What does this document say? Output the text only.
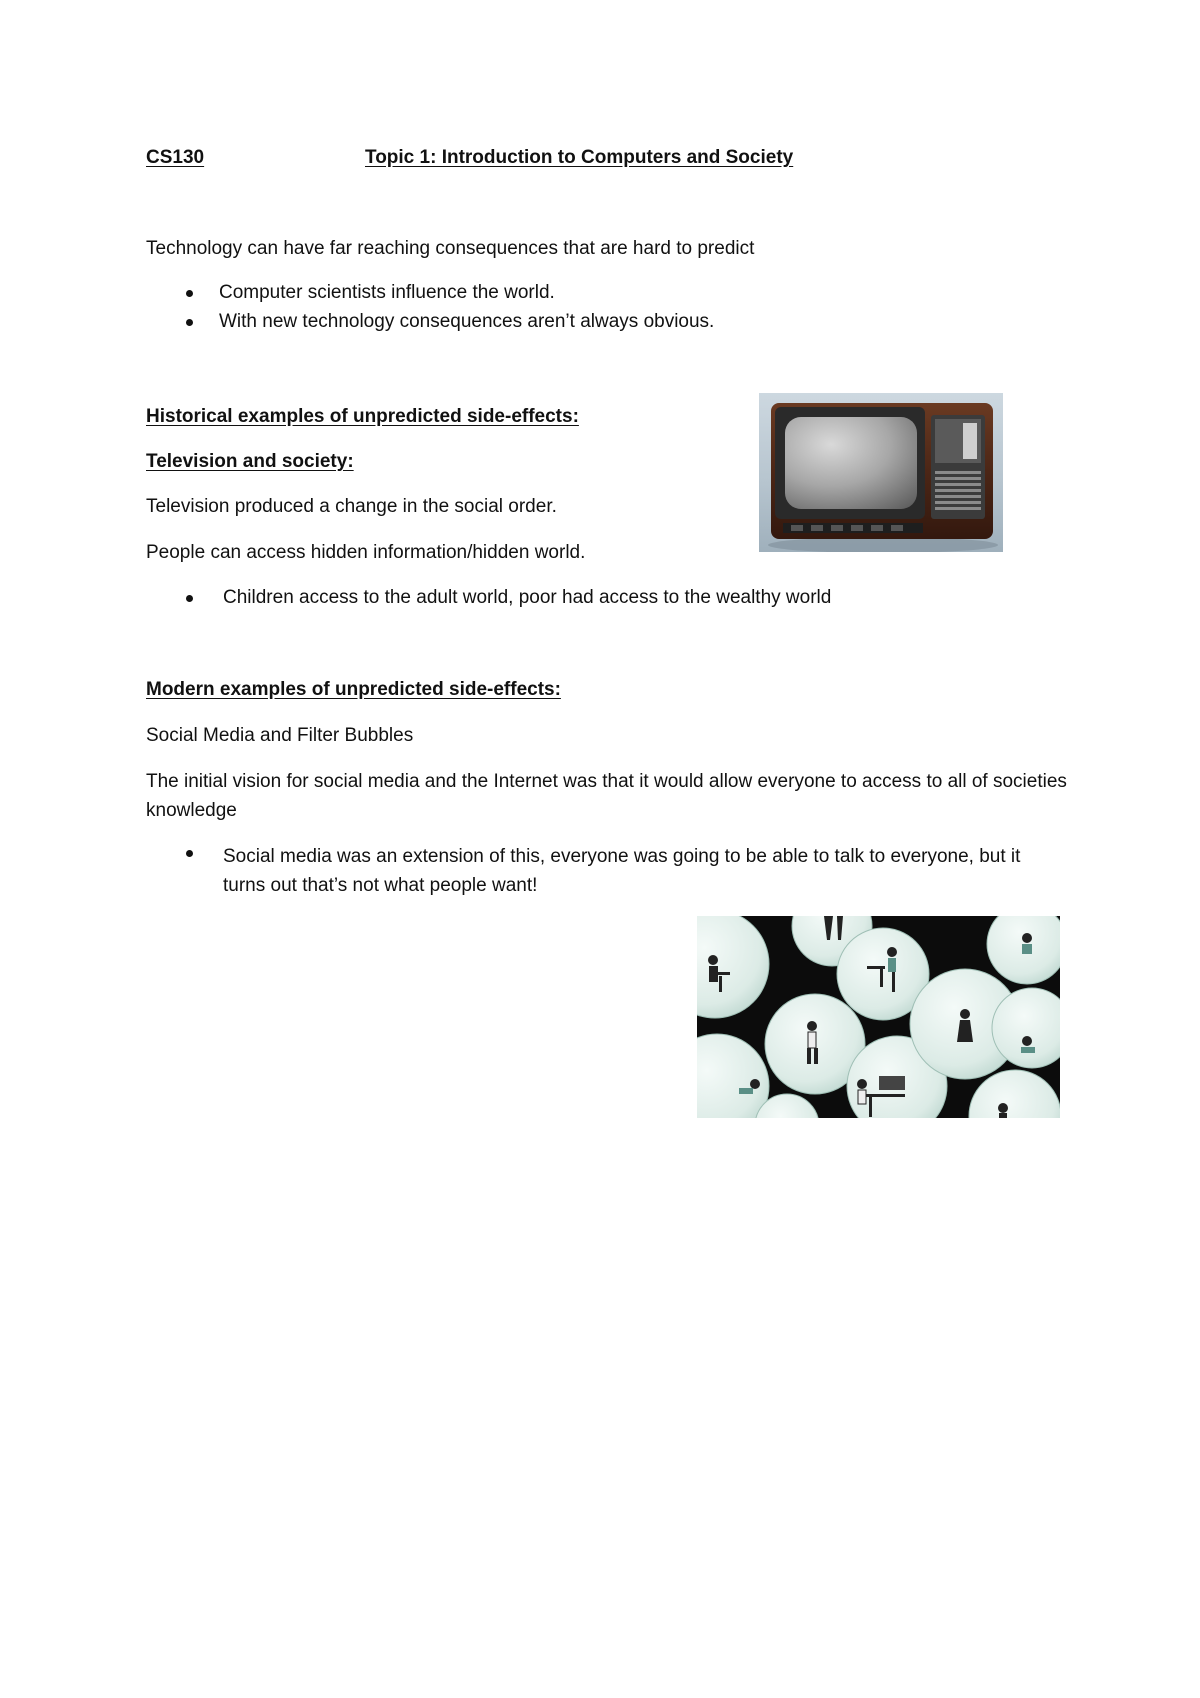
CS130	Topic 1: Introduction to Computers and Society
Technology can have far reaching consequences that are hard to predict
Computer scientists influence the world.
With new technology consequences aren’t always obvious.
Historical examples of unpredicted side-effects:
Television and society:
Television produced a change in the social order.
People can access hidden information/hidden world.
Children access to the adult world, poor had access to the wealthy world
Modern examples of unpredicted side-effects:
Social Media and Filter Bubbles
The initial vision for social media and the Internet was that it would allow everyone to access to all of societies knowledge
Social media was an extension of this, everyone was going to be able to talk to everyone, but it turns out that’s not what people want!
